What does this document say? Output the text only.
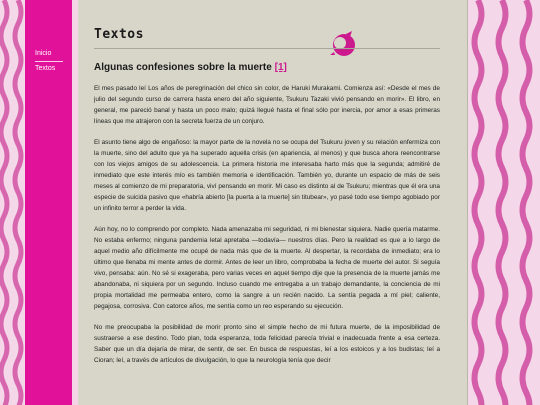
Inicio
Textos
Textos
Algunas confesiones sobre la muerte [1]

El mes pasado leí Los años de peregrinación del chico sin color, de Haruki Murakami. Comienza así: «Desde el mes de julio del segundo curso de carrera hasta enero del año siguiente, Tsukuru Tazaki vivió pensando en morir». El libro, en general, me pareció banal y hasta un poco malo; quizá llegué hasta el final sólo por inercia, por amor a esas primeras líneas que me atrajeron con la secreta fuerza de un conjuro.

El asunto tiene algo de engañoso: la mayor parte de la novela no se ocupa del Tsukuru joven y su relación enfermiza con la muerte, sino del adulto que ya ha superado aquella crisis (en apariencia, al menos) y que busca ahora reencontrarse con los viejos amigos de su adolescencia. La primera historia me interesaba harto más que la segunda; admitiré de inmediato que este interés mío es también memoria e identificación. También yo, durante un espacio de más de seis meses al comienzo de mi preparatoria, viví pensando en morir. Mi caso es distinto al de Tsukuru; mientras que él era una especie de suicida pasivo que «habría abierto [la puerta a la muerte] sin titubear», yo pasé todo ese tiempo agobiado por un infinito terror a perder la vida.

Aún hoy, no lo comprendo por completo. Nada amenazaba mi seguridad, ni mi bienestar siquiera. Nadie quería matarme. No estaba enfermo; ninguna pandemia letal apretaba —todavía— nuestros días. Pero la realidad es que a lo largo de aquel medio año difícilmente me ocupé de nada más que de la muerte. Al despertar, la recordaba de inmediato; era lo último que llenaba mi mente antes de dormir. Antes de leer un libro, comprobaba la fecha de muerte del autor. Si seguía vivo, pensaba: aún. No sé si exageraba, pero varias veces en aquel tiempo dije que la presencia de la muerte jamás me abandonaba, ni siquiera por un segundo. Incluso cuando me entregaba a un trabajo demandante, la conciencia de mi propia mortalidad me permeaba entero, como la sangre a un recién nacido. La sentía pegada a mí piel; caliente, pegajosa, corrosiva. Con catorce años, me sentía como un reo esperando su ejecución.

No me preocupaba la posibilidad de morir pronto sino el simple hecho de mi futura muerte, de la imposibilidad de sustraerse a ese destino. Todo plan, toda esperanza, toda felicidad parecía trivial e inadecuada frente a esa certeza. Saber que un día dejaría de mirar, de sentir, de ser. En busca de respuestas, leí a los estoicos y a los budistas; leí a Cioran; leí, a través de artículos de divulgación, lo que la neurología tenía que decir
